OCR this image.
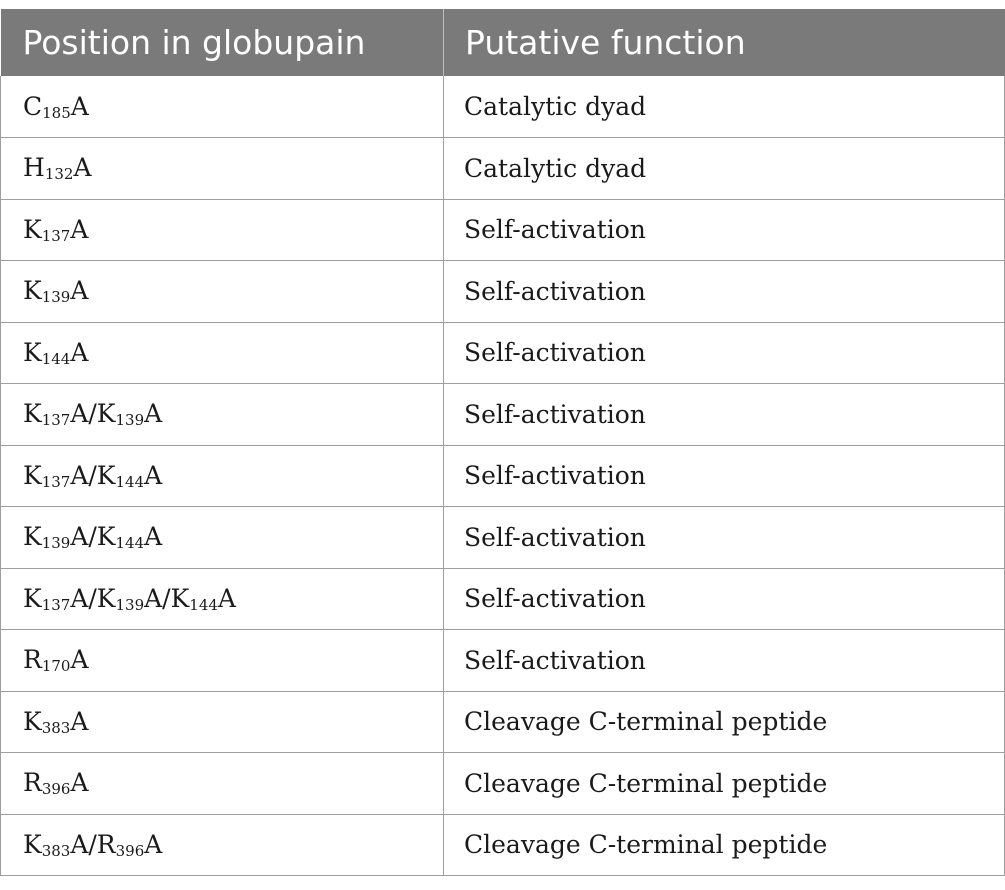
Position in globupain	Putative function
$C_{185}A$	Catalytic dyad
$H_{132}A$	Catalytic dyad
$K_{137}A$	Self-activation
$K_{139}A$	Self-activation
$K_{144}A$	Self-activation
$K_{137}A/K_{139}A$	Self-activation
$K_{137}A/K_{144}A$	Self-activation
$K_{139}A/K_{144}A$	Self-activation
$K_{137}A/K_{139}A/K_{144}A$	Self-activation
$R_{170}A$	Self-activation
$K_{383}A$	Cleavage C-terminal peptide
$R_{396}A$	Cleavage C-terminal peptide
$K_{383}A/R_{396}A$	Cleavage C-terminal peptide
